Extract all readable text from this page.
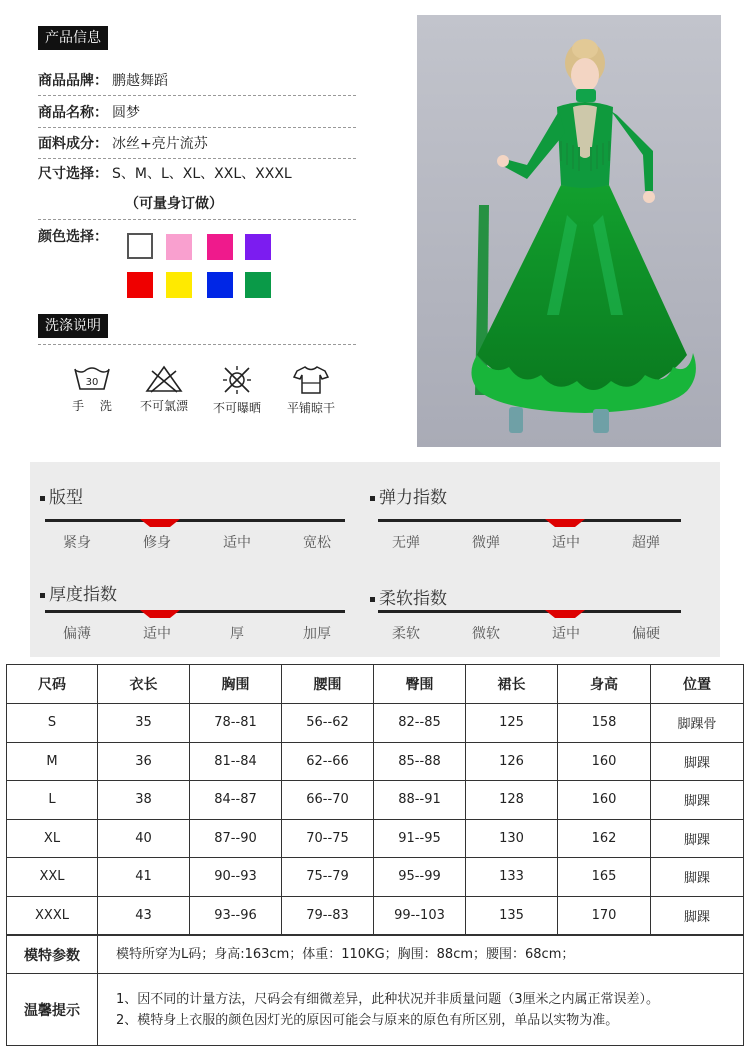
产品信息
商品品牌： 鹏越舞蹈
商品名称： 圆梦
面料成分： 冰丝+亮片流苏
尺寸选择： S、M、L、XL、XXL、XXXL
（可量身订做）
颜色选择：
洗涤说明
30
手　 洗	不可氯漂	不可曝晒	平铺晾干
版型
紧身	修身	适中	宽松
弹力指数
无弹	微弹	适中	超弹
厚度指数
偏薄	适中	厚	加厚
柔软指数
柔软	微软	适中	偏硬
尺码	衣长	胸围	腰围	臀围	裙长	身高	位置
S	35	78--81	56--62	82--85	125	158	脚踝骨
M	36	81--84	62--66	85--88	126	160	脚踝
L	38	84--87	66--70	88--91	128	160	脚踝
XL	40	87--90	70--75	91--95	130	162	脚踝
XXL	41	90--93	75--79	95--99	133	165	脚踝
XXXL	43	93--96	79--83	99--103	135	170	脚踝
模特参数	模特所穿为L码；身高:163cm；体重：110KG；胸围：88cm；腰围：68cm；
温馨提示	1、因不同的计量方法，尺码会有细微差异，此种状况并非质量问题（3厘米之内属正常误差）。
2、模特身上衣服的颜色因灯光的原因可能会与原来的原色有所区别，单品以实物为准。
